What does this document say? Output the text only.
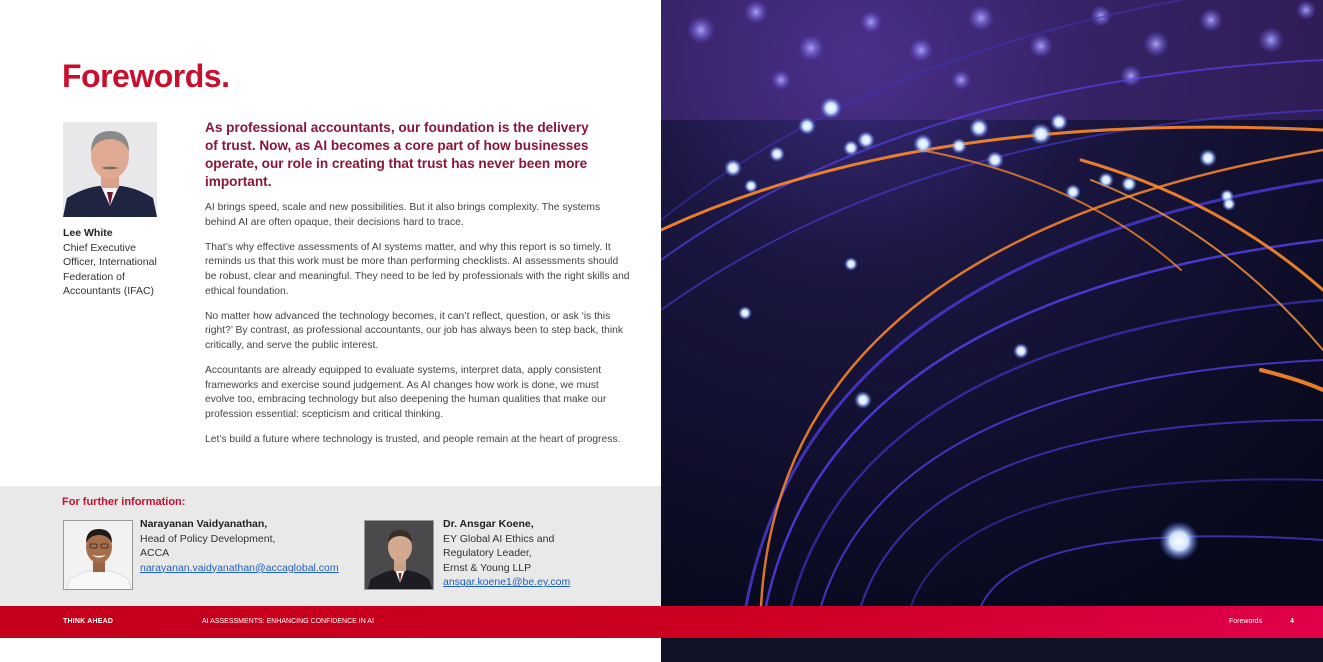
Forewords.
Lee White
Chief Executive Officer, International Federation of Accountants (IFAC)
As professional accountants, our foundation is the delivery of trust. Now, as AI becomes a core part of how businesses operate, our role in creating that trust has never been more important.

AI brings speed, scale and new possibilities. But it also brings complexity. The systems behind AI are often opaque, their decisions hard to trace.

That’s why effective assessments of AI systems matter, and why this report is so timely. It reminds us that this work must be more than performing checklists. AI assessments should be robust, clear and meaningful. They need to be led by professionals with the right skills and ethical foundation.

No matter how advanced the technology becomes, it can’t reflect, question, or ask ‘is this right?’ By contrast, as professional accountants, our job has always been to step back, think critically, and serve the public interest.

Accountants are already equipped to evaluate systems, interpret data, apply consistent frameworks and exercise sound judgement. As AI changes how work is done, we must evolve too, embracing technology but also deepening the human qualities that make our profession essential: scepticism and critical thinking.

Let’s build a future where technology is trusted, and people remain at the heart of progress.

For further information:
Narayanan Vaidyanathan,
Head of Policy Development,
ACCA
narayanan.vaidyanathan@accaglobal.com
Dr. Ansgar Koene,
EY Global AI Ethics and
Regulatory Leader,
Ernst & Young LLP
ansgar.koene1@be.ey.com
THINK AHEAD	AI ASSESSMENTS: ENHANCING CONFIDENCE IN AI	Forewords	4
